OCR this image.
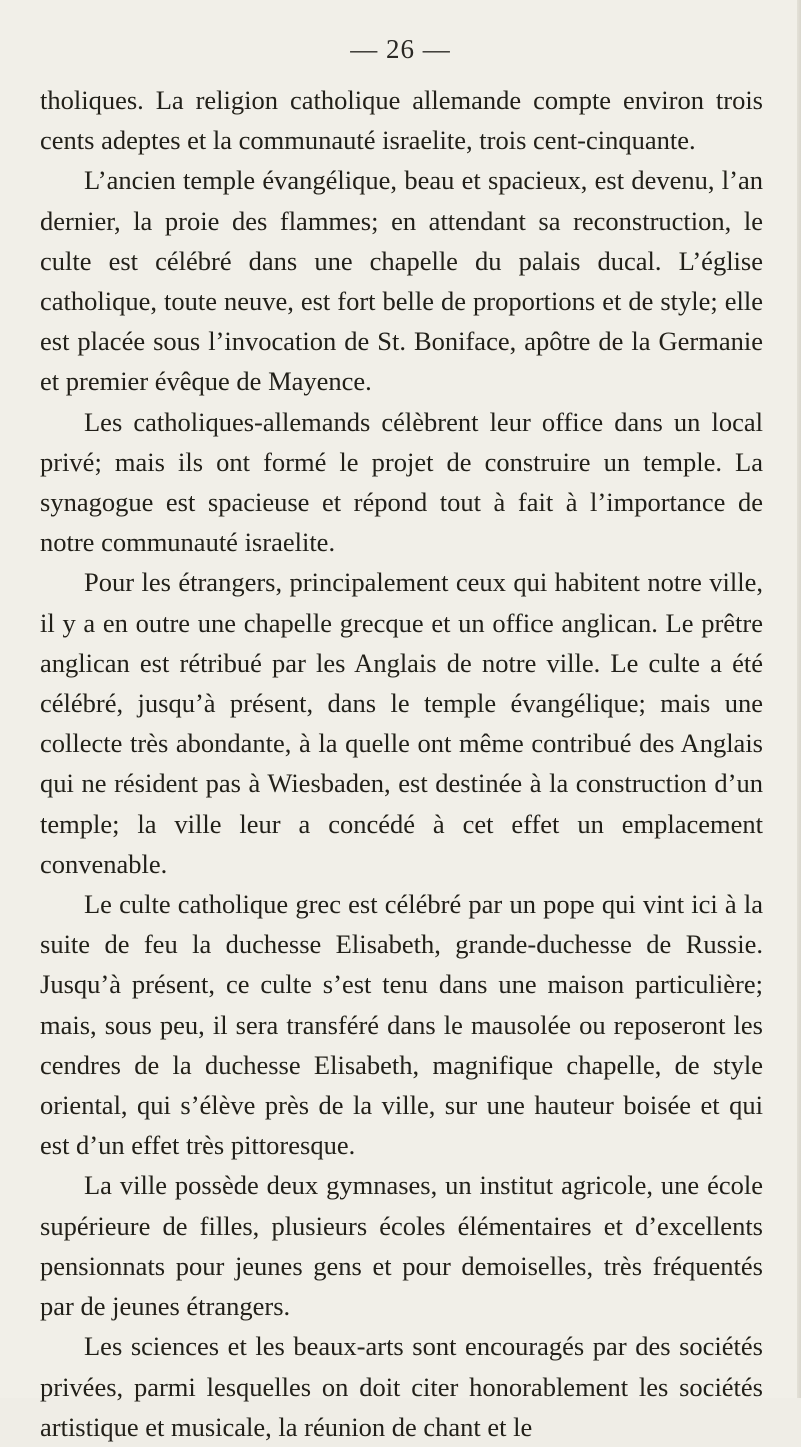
— 26 —

tholiques. La religion catholique allemande compte environ trois cents adeptes et la communauté israelite, trois cent-cinquante.

L’ancien temple évangélique, beau et spacieux, est devenu, l’an dernier, la proie des flammes; en attendant sa reconstruction, le culte est célébré dans une chapelle du palais ducal. L’église catholique, toute neuve, est fort belle de proportions et de style; elle est placée sous l’invocation de St. Boniface, apôtre de la Germanie et premier évêque de Mayence.

Les catholiques-allemands célèbrent leur office dans un local privé; mais ils ont formé le projet de construire un temple. La synagogue est spacieuse et répond tout à fait à l’importance de notre communauté israelite.

Pour les étrangers, principalement ceux qui habitent notre ville, il y a en outre une chapelle grecque et un office anglican. Le prêtre anglican est rétribué par les Anglais de notre ville. Le culte a été célébré, jusqu’à présent, dans le temple évangélique; mais une collecte très abondante, à la quelle ont même contribué des Anglais qui ne résident pas à Wiesbaden, est destinée à la construction d’un temple; la ville leur a concédé à cet effet un emplacement convenable.

Le culte catholique grec est célébré par un pope qui vint ici à la suite de feu la duchesse Elisabeth, grande-duchesse de Russie. Jusqu’à présent, ce culte s’est tenu dans une maison particulière; mais, sous peu, il sera transféré dans le mausolée ou reposeront les cendres de la duchesse Elisabeth, magnifique chapelle, de style oriental, qui s’élève près de la ville, sur une hauteur boisée et qui est d’un effet très pittoresque.

La ville possède deux gymnases, un institut agricole, une école supérieure de filles, plusieurs écoles élémentaires et d’excellents pensionnats pour jeunes gens et pour demoiselles, très fréquentés par de jeunes étrangers.

Les sciences et les beaux-arts sont encouragés par des sociétés privées, parmi lesquelles on doit citer honorablement les sociétés artistique et musicale, la réunion de chant et le
